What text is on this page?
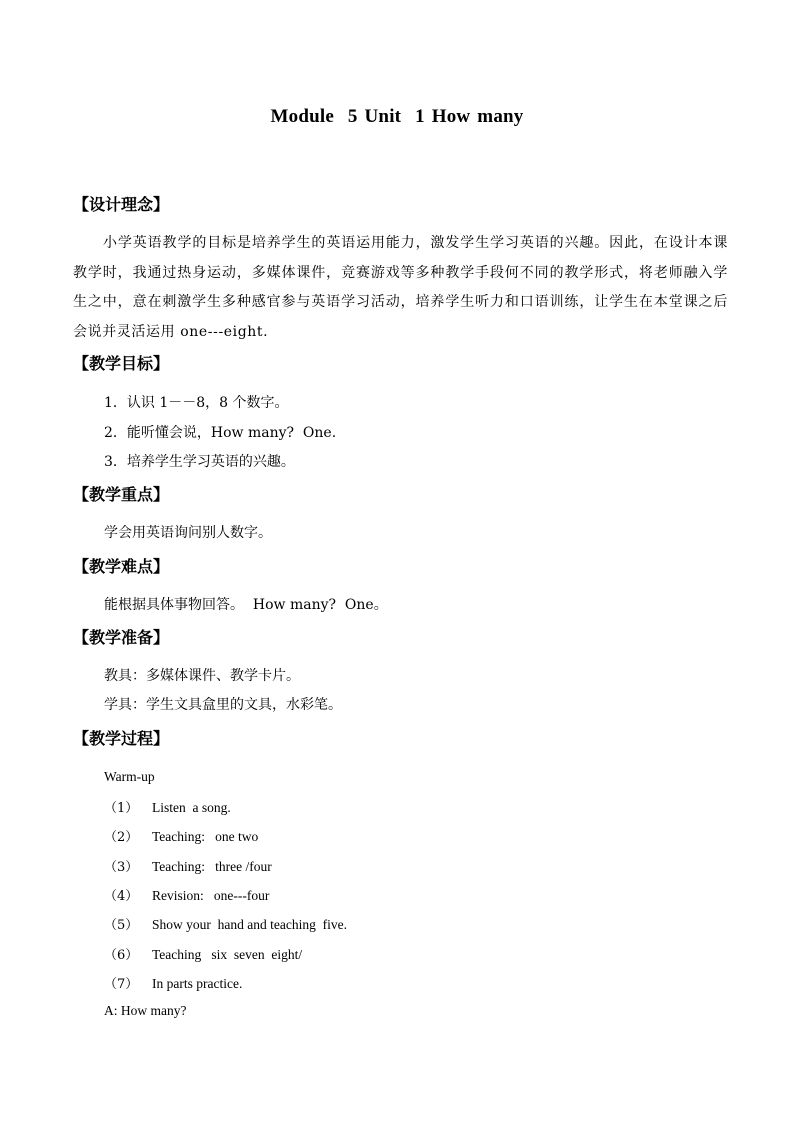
Module  5 Unit  1 How many
【设计理念】
小学英语教学的目标是培养学生的英语运用能力，激发学生学习英语的兴趣。因此，在设计本课教学时，我通过热身运动，多媒体课件，竞赛游戏等多种教学手段何不同的教学形式，将老师融入学生之中，意在刺激学生多种感官参与英语学习活动，培养学生听力和口语训练，让学生在本堂课之后会说并灵活运用 one---eight.
【教学目标】
1．认识 1－－8，8 个数字。
2．能听懂会说，How many?  One.
3．培养学生学习英语的兴趣。
【教学重点】
学会用英语询问别人数字。
【教学难点】
能根据具体事物回答。  How many?  One。
【教学准备】
教具：多媒体课件、教学卡片。
学具：学生文具盒里的文具，水彩笔。
【教学过程】
Warm-up
（1） Listen  a song.
（2） Teaching:   one two
（3） Teaching:   three /four
（4） Revision:   one---four
（5） Show your  hand and teaching  five.
（6） Teaching   six  seven  eight/
（7） In parts practice.
A: How many?
